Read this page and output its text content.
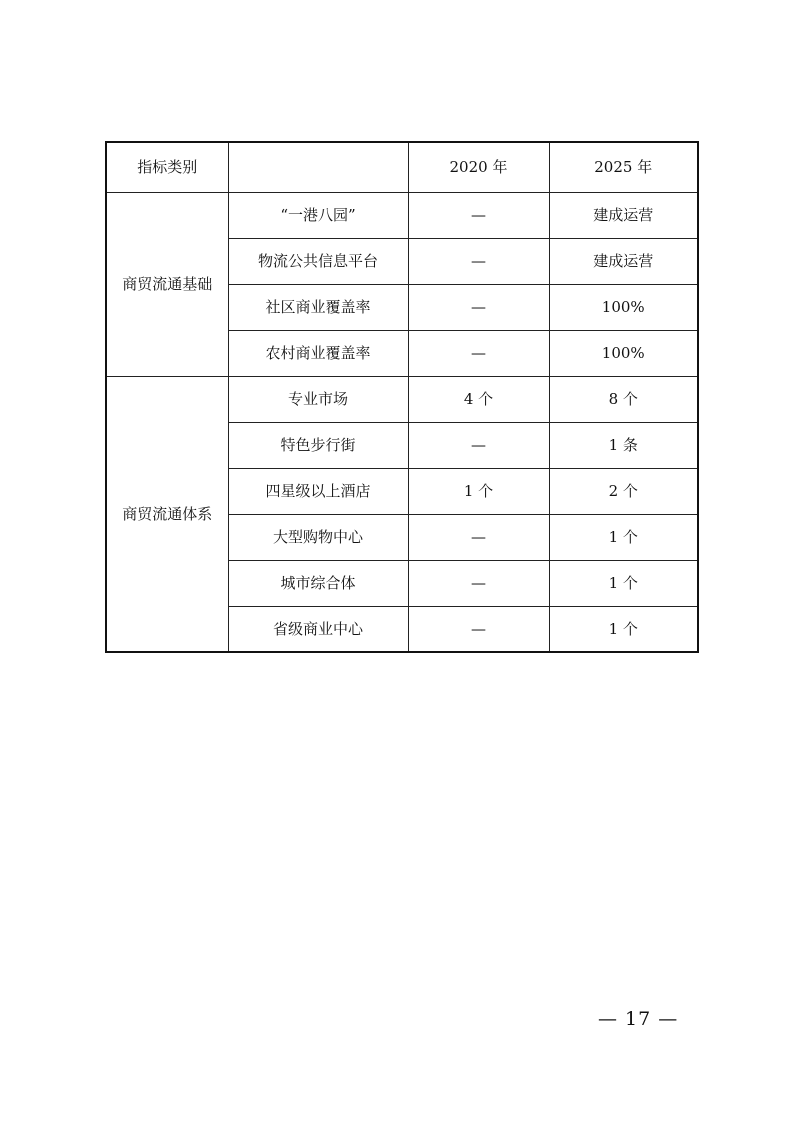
指标类别		2020 年	2025 年
商贸流通基础	“一港八园”	—	建成运营
	物流公共信息平台	—	建成运营
	社区商业覆盖率	—	100%
	农村商业覆盖率	—	100%
商贸流通体系	专业市场	4 个	8 个
	特色步行街	—	1 条
	四星级以上酒店	1 个	2 个
	大型购物中心	—	1 个
	城市综合体	—	1 个
	省级商业中心	—	1 个
— 17 —
